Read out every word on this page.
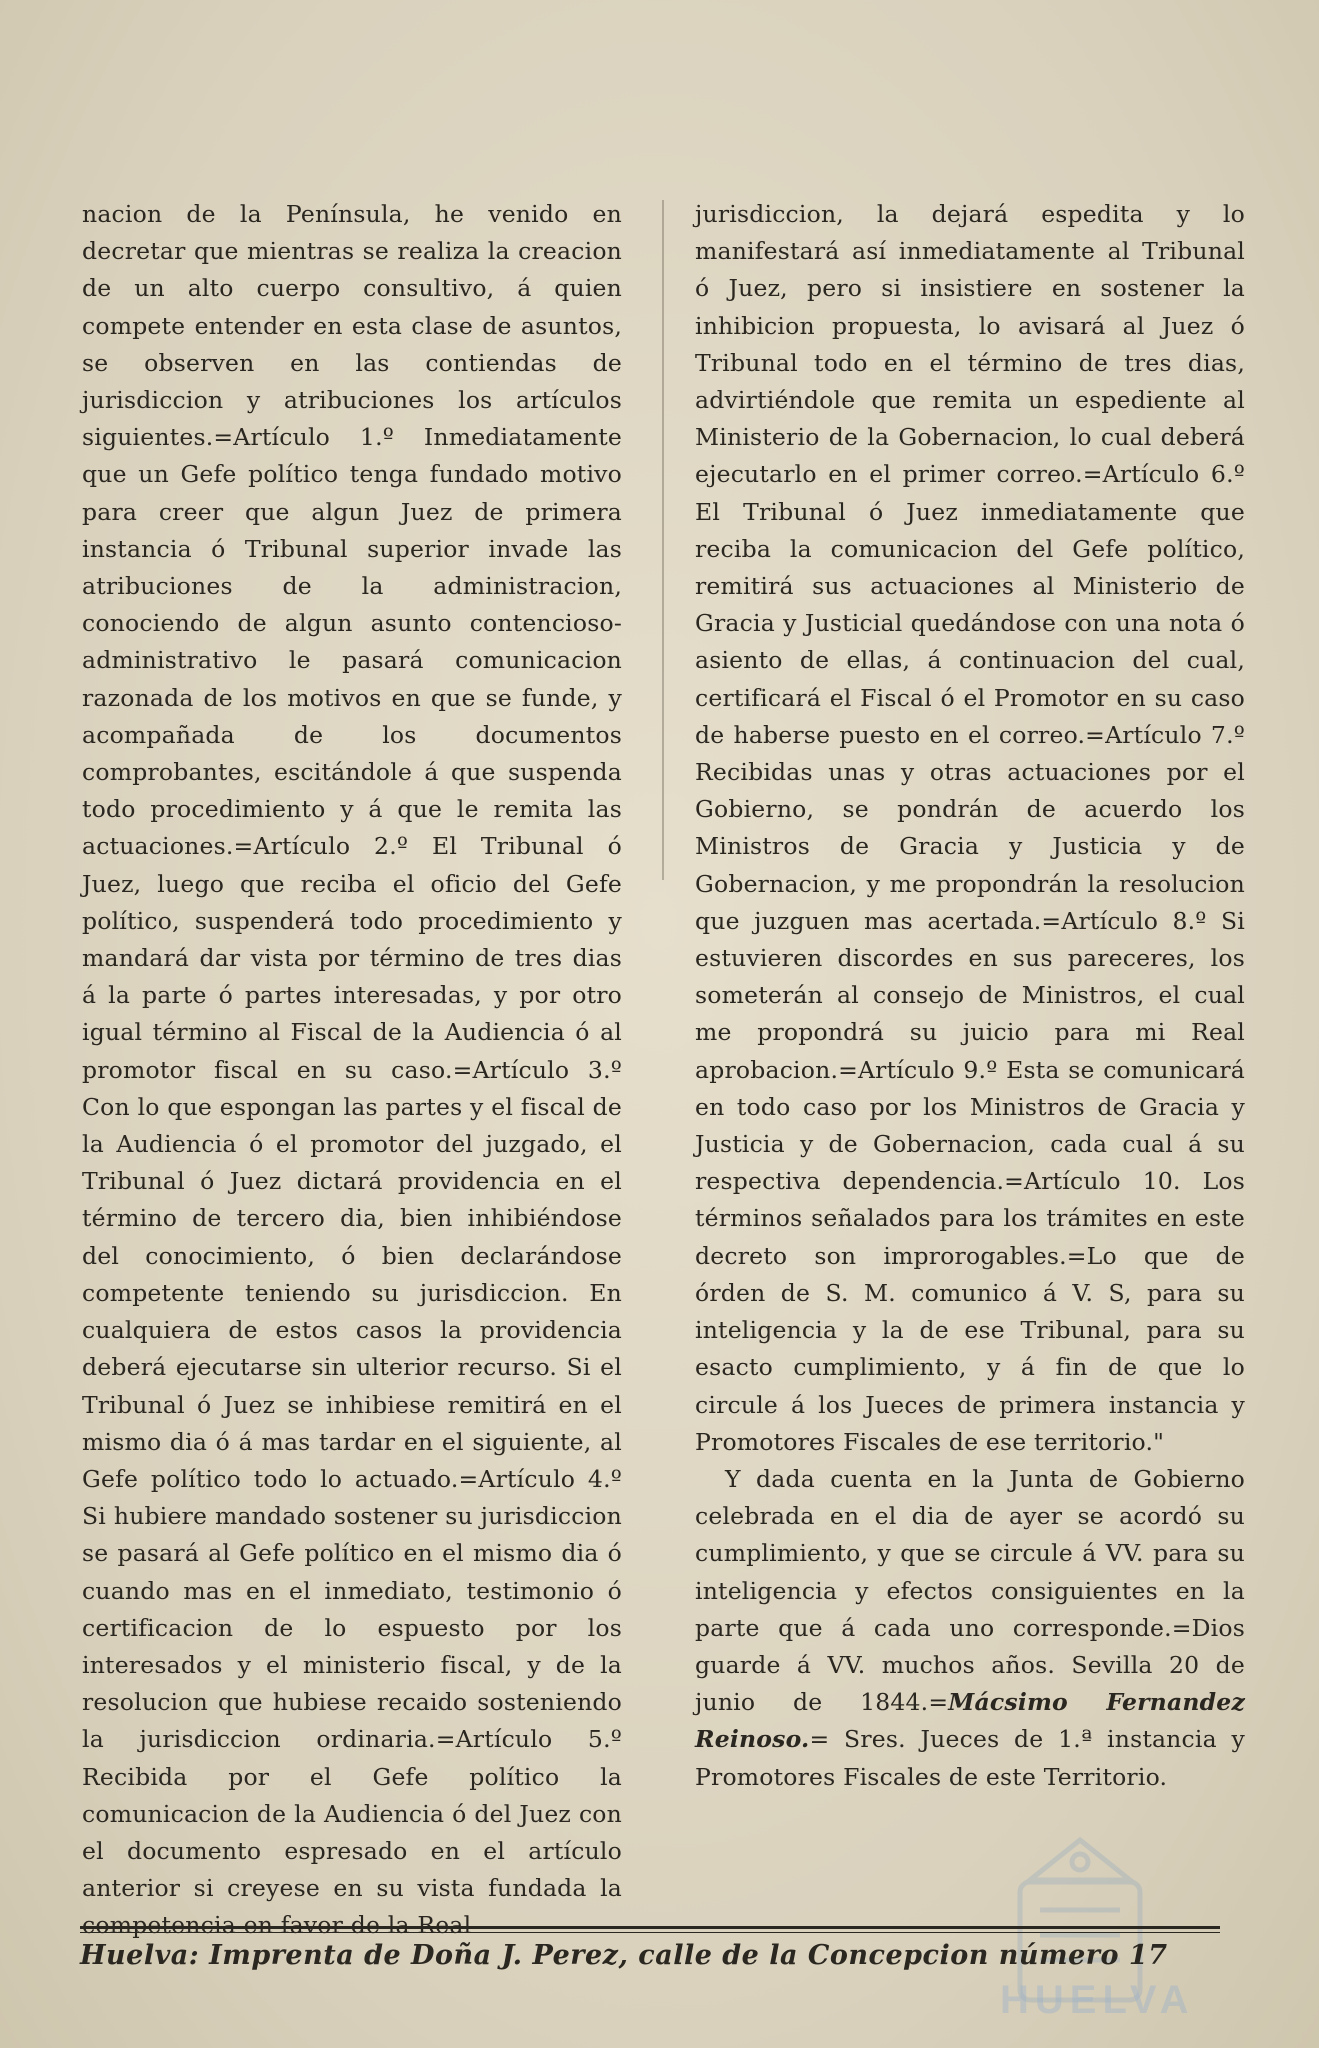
nacion de la Península, he venido en decretar que mientras se realiza la creacion de un alto cuerpo consultivo, á quien compete entender en esta clase de asuntos, se observen en las contiendas de jurisdiccion y atribuciones los artículos siguientes.=Artículo 1.º Inmediatamente que un Gefe político tenga fundado motivo para creer que algun Juez de primera instancia ó Tribunal superior invade las atribuciones de la administracion, conociendo de algun asunto contencioso-administrativo le pasará comunicacion razonada de los motivos en que se funde, y acompañada de los documentos comprobantes, escitándole á que suspenda todo procedimiento y á que le remita las actuaciones.=Artículo 2.º El Tribunal ó Juez, luego que reciba el oficio del Gefe político, suspenderá todo procedimiento y mandará dar vista por término de tres dias á la parte ó partes interesadas, y por otro igual término al Fiscal de la Audiencia ó al promotor fiscal en su caso.=Artículo 3.º Con lo que espongan las partes y el fiscal de la Audiencia ó el promotor del juzgado, el Tribunal ó Juez dictará providencia en el término de tercero dia, bien inhibiéndose del conocimiento, ó bien declarándose competente teniendo su jurisdiccion. En cualquiera de estos casos la providencia deberá ejecutarse sin ulterior recurso. Si el Tribunal ó Juez se inhibiese remitirá en el mismo dia ó á mas tardar en el siguiente, al Gefe político todo lo actuado.=Artículo 4.º Si hubiere mandado sostener su jurisdiccion se pasará al Gefe político en el mismo dia ó cuando mas en el inmediato, testimonio ó certificacion de lo espuesto por los interesados y el ministerio fiscal, y de la resolucion que hubiese recaido sosteniendo la jurisdiccion ordinaria.=Artículo 5.º Recibida por el Gefe político la comunicacion de la Audiencia ó del Juez con el documento espresado en el artículo anterior si creyese en su vista fundada la

jurisdiccion, la dejará espedita y lo manifestará así inmediatamente al Tribunal ó Juez, pero si insistiere en sostener la inhibicion propuesta, lo avisará al Juez ó Tribunal todo en el término de tres dias, advirtiéndole que remita un espediente al Ministerio de la Gobernacion, lo cual deberá ejecutarlo en el primer correo.=Artículo 6.º El Tribunal ó Juez inmediatamente que reciba la comunicacion del Gefe político, remitirá sus actuaciones al Ministerio de Gracia y Justicial quedándose con una nota ó asiento de ellas, á continuacion del cual, certificará el Fiscal ó el Promotor en su caso de haberse puesto en el correo.=Artículo 7.º Recibidas unas y otras actuaciones por el Gobierno, se pondrán de acuerdo los Ministros de Gracia y Justicia y de Gobernacion, y me propondrán la resolucion que juzguen mas acertada.=Artículo 8.º Si estuvieren discordes en sus pareceres, los someterán al consejo de Ministros, el cual me propondrá su juicio para mi Real aprobacion.=Artículo 9.º Esta se comunicará en todo caso por los Ministros de Gracia y Justicia y de Gobernacion, cada cual á su respectiva dependencia.=Artículo 10. Los términos señalados para los trámites en este decreto son improrogables.=Lo que de órden de S. M. comunico á V. S, para su inteligencia y la de ese Tribunal, para su esacto cumplimiento, y á fin de que lo circule á los Jueces de primera instancia y Promotores Fiscales de ese territorio."

Y dada cuenta en la Junta de Gobierno celebrada en el dia de ayer se acordó su cumplimiento, y que se circule á VV. para su inteligencia y efectos consiguientes en la parte que á cada uno corresponde.=Dios guarde á VV. muchos años. Sevilla 20 de junio de 1844.=Mácsimo Fernandez Reinoso.= Sres. Jueces de 1.ª instancia y Promotores Fiscales de este Territorio.

HUELVA
Huelva: Imprenta de Doña J. Perez, calle de la Concepcion número 17
